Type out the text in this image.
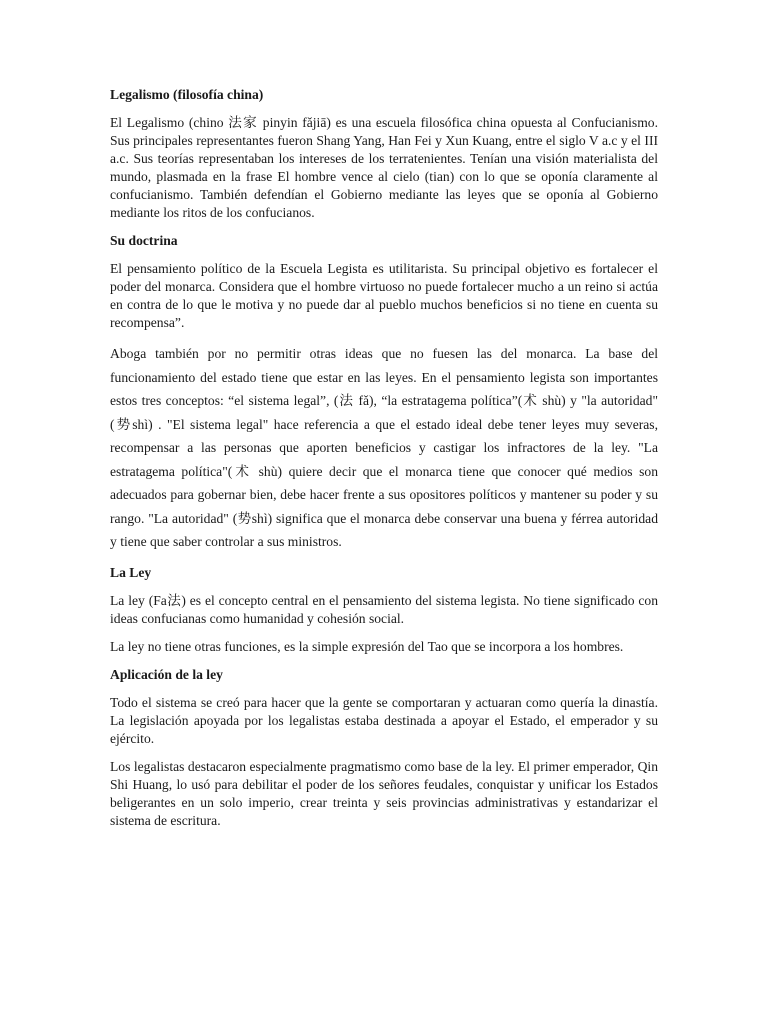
Legalismo (filosofía china)
El Legalismo (chino 法家 pinyin fǎjiā) es una escuela filosófica china opuesta al Confucianismo. Sus principales representantes fueron Shang Yang, Han Fei y Xun Kuang, entre el siglo V a.c y el III a.c. Sus teorías representaban los intereses de los terratenientes. Tenían una visión materialista del mundo, plasmada en la frase El hombre vence al cielo (tian) con lo que se oponía claramente al confucianismo. También defendían el Gobierno mediante las leyes que se oponía al Gobierno mediante los ritos de los confucianos.
Su doctrina
El pensamiento político de la Escuela Legista es utilitarista. Su principal objetivo es fortalecer el poder del monarca. Considera que el hombre virtuoso no puede fortalecer mucho a un reino si actúa en contra de lo que le motiva y no puede dar al pueblo muchos beneficios si no tiene en cuenta su recompensa”.
Aboga también por no permitir otras ideas que no fuesen las del monarca. La base del funcionamiento del estado tiene que estar en las leyes. En el pensamiento legista son importantes estos tres conceptos: “el sistema legal”, (法 fǎ), “la estratagema política”(术 shù) y "la autoridad" (势shì) . "El sistema legal" hace referencia a que el estado ideal debe tener leyes muy severas, recompensar a las personas que aporten beneficios y castigar los infractores de la ley. "La estratagema política"(术 shù) quiere decir que el monarca tiene que conocer qué medios son adecuados para gobernar bien, debe hacer frente a sus opositores políticos y mantener su poder y su rango. "La autoridad" (势shì) significa que el monarca debe conservar una buena y férrea autoridad y tiene que saber controlar a sus ministros.
La Ley
La ley (Fa法) es el concepto central en el pensamiento del sistema legista. No tiene significado con ideas confucianas como humanidad y cohesión social.
La ley no tiene otras funciones, es la simple expresión del Tao que se incorpora a los hombres.
Aplicación de la ley
Todo el sistema se creó para hacer que la gente se comportaran y actuaran como quería la dinastía. La legislación apoyada por los legalistas estaba destinada a apoyar el Estado, el emperador y su ejército.
Los legalistas destacaron especialmente pragmatismo como base de la ley. El primer emperador, Qin Shi Huang, lo usó para debilitar el poder de los señores feudales, conquistar y unificar los Estados beligerantes en un solo imperio, crear treinta y seis provincias administrativas y estandarizar el sistema de escritura.
